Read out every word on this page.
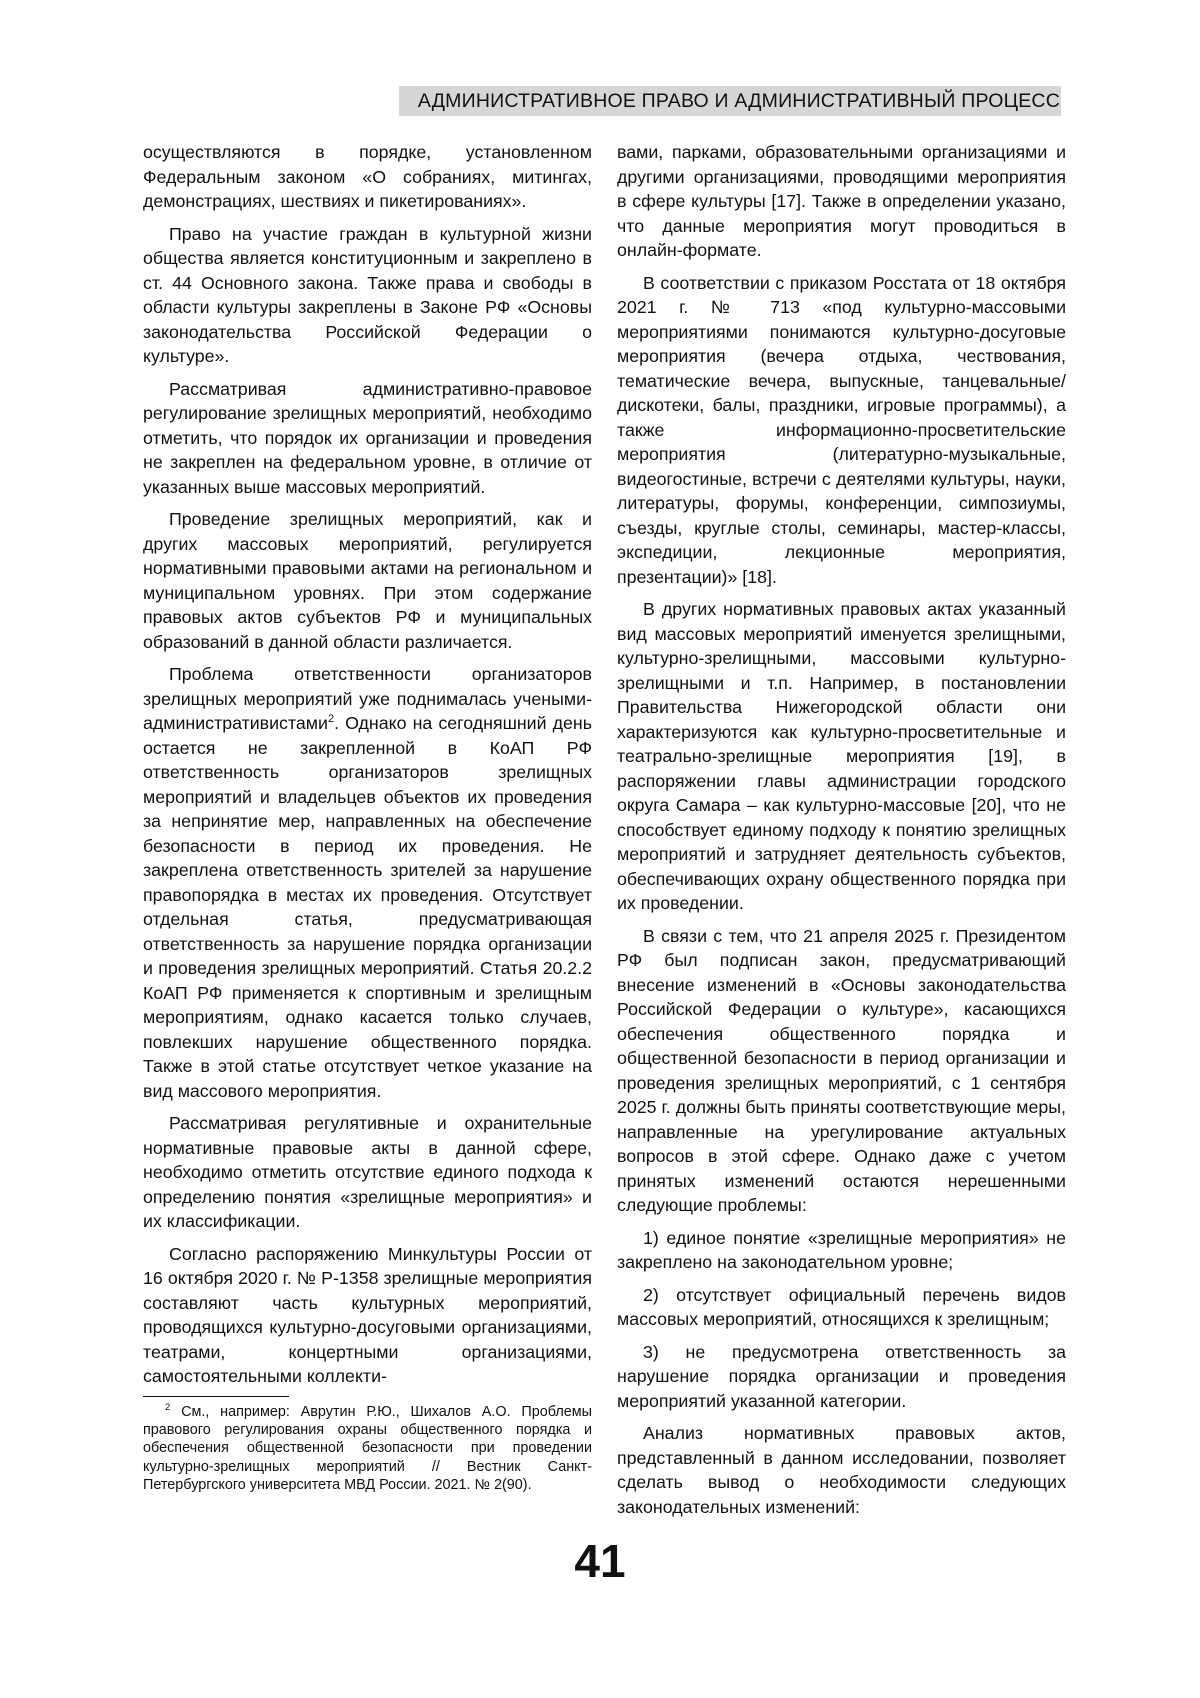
АДМИНИСТРАТИВНОЕ ПРАВО И АДМИНИСТРАТИВНЫЙ ПРОЦЕСС

осуществляются в порядке, установленном Федеральным законом «О собраниях, митингах, демонстрациях, шествиях и пикетированиях».

Право на участие граждан в культурной жизни общества является конституционным и закреплено в ст. 44 Основного закона. Также права и свободы в области культуры закреплены в Законе РФ «Основы законодательства Российской Федерации о культуре».

Рассматривая административно-правовое регулирование зрелищных мероприятий, необходимо отметить, что порядок их организации и проведения не закреплен на федеральном уровне, в отличие от указанных выше массовых мероприятий.

Проведение зрелищных мероприятий, как и других массовых мероприятий, регулируется нормативными правовыми актами на региональном и муниципальном уровнях. При этом содержание правовых актов субъектов РФ и муниципальных образований в данной области различается.

Проблема ответственности организаторов зрелищных мероприятий уже поднималась учеными-административистами$^2$. Однако на сегодняшний день остается не закрепленной в КоАП РФ ответственность организаторов зрелищных мероприятий и владельцев объектов их проведения за непринятие мер, направленных на обеспечение безопасности в период их проведения. Не закреплена ответственность зрителей за нарушение правопорядка в местах их проведения. Отсутствует отдельная статья, предусматривающая ответственность за нарушение порядка организации и проведения зрелищных мероприятий. Статья 20.2.2 КоАП РФ применяется к спортивным и зрелищным мероприятиям, однако касается только случаев, повлекших нарушение общественного порядка. Также в этой статье отсутствует четкое указание на вид массового мероприятия.

Рассматривая регулятивные и охранительные нормативные правовые акты в данной сфере, необходимо отметить отсутствие единого подхода к определению понятия «зрелищные мероприятия» и их классификации.

Согласно распоряжению Минкультуры России от 16 октября 2020 г. № Р-1358 зрелищные мероприятия составляют часть культурных мероприятий, проводящихся культурно-досуговыми организациями, театрами, концертными организациями, самостоятельными коллекти-

$^2$ См., например: Аврутин Р.Ю., Шихалов А.О. Проблемы правового регулирования охраны общественного порядка и обеспечения общественной безопасности при проведении культурно-зрелищных мероприятий // Вестник Санкт-Петербургского университета МВД России. 2021. № 2(90).

вами, парками, образовательными организациями и другими организациями, проводящими мероприятия в сфере культуры [17]. Также в определении указано, что данные мероприятия могут проводиться в онлайн-формате.

В соответствии с приказом Росстата от 18 октября 2021 г. № 713 «под культурно-массовыми мероприятиями понимаются культурно-досуговые мероприятия (вечера отдыха, чествования, тематические вечера, выпускные, танцевальные/дискотеки, балы, праздники, игровые программы), а также информационно-просветительские мероприятия (литературно-музыкальные, видеогостиные, встречи с деятелями культуры, науки, литературы, форумы, конференции, симпозиумы, съезды, круглые столы, семинары, мастер-классы, экспедиции, лекционные мероприятия, презентации)» [18].

В других нормативных правовых актах указанный вид массовых мероприятий именуется зрелищными, культурно-зрелищными, массовыми культурно-зрелищными и т.п. Например, в постановлении Правительства Нижегородской области они характеризуются как культурно-просветительные и театрально-зрелищные мероприятия [19], в распоряжении главы администрации городского округа Самара – как культурно-массовые [20], что не способствует единому подходу к понятию зрелищных мероприятий и затрудняет деятельность субъектов, обеспечивающих охрану общественного порядка при их проведении.

В связи с тем, что 21 апреля 2025 г. Президентом РФ был подписан закон, предусматривающий внесение изменений в «Основы законодательства Российской Федерации о культуре», касающихся обеспечения общественного порядка и общественной безопасности в период организации и проведения зрелищных мероприятий, с 1 сентября 2025 г. должны быть приняты соответствующие меры, направленные на урегулирование актуальных вопросов в этой сфере. Однако даже с учетом принятых изменений остаются нерешенными следующие проблемы:

1) единое понятие «зрелищные мероприятия» не закреплено на законодательном уровне;

2) отсутствует официальный перечень видов массовых мероприятий, относящихся к зрелищным;

3) не предусмотрена ответственность за нарушение порядка организации и проведения мероприятий указанной категории.

Анализ нормативных правовых актов, представленный в данном исследовании, позволяет сделать вывод о необходимости следующих законодательных изменений:

41
